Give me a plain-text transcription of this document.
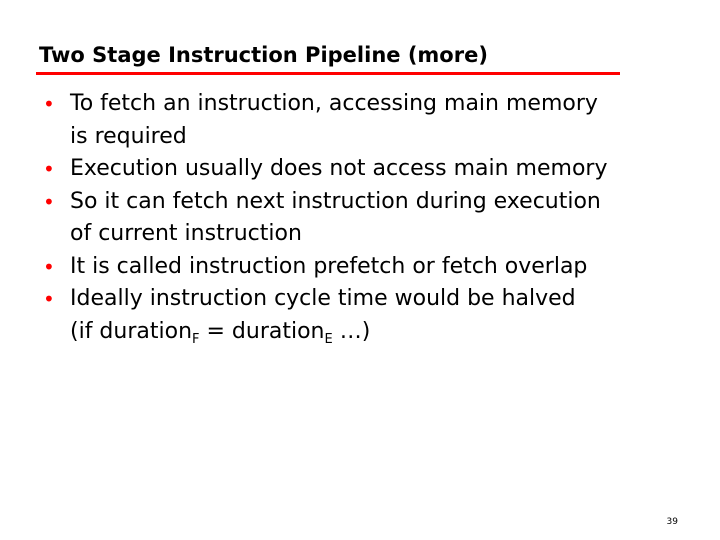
Two Stage Instruction Pipeline (more)
• To fetch an instruction, accessing main memory
is required
• Execution usually does not access main memory
• So it can fetch next instruction during execution
of current instruction
• It is called instruction prefetch or fetch overlap
• Ideally instruction cycle time would be halved
(if duration$_F$ = duration$_E$ …)
39
